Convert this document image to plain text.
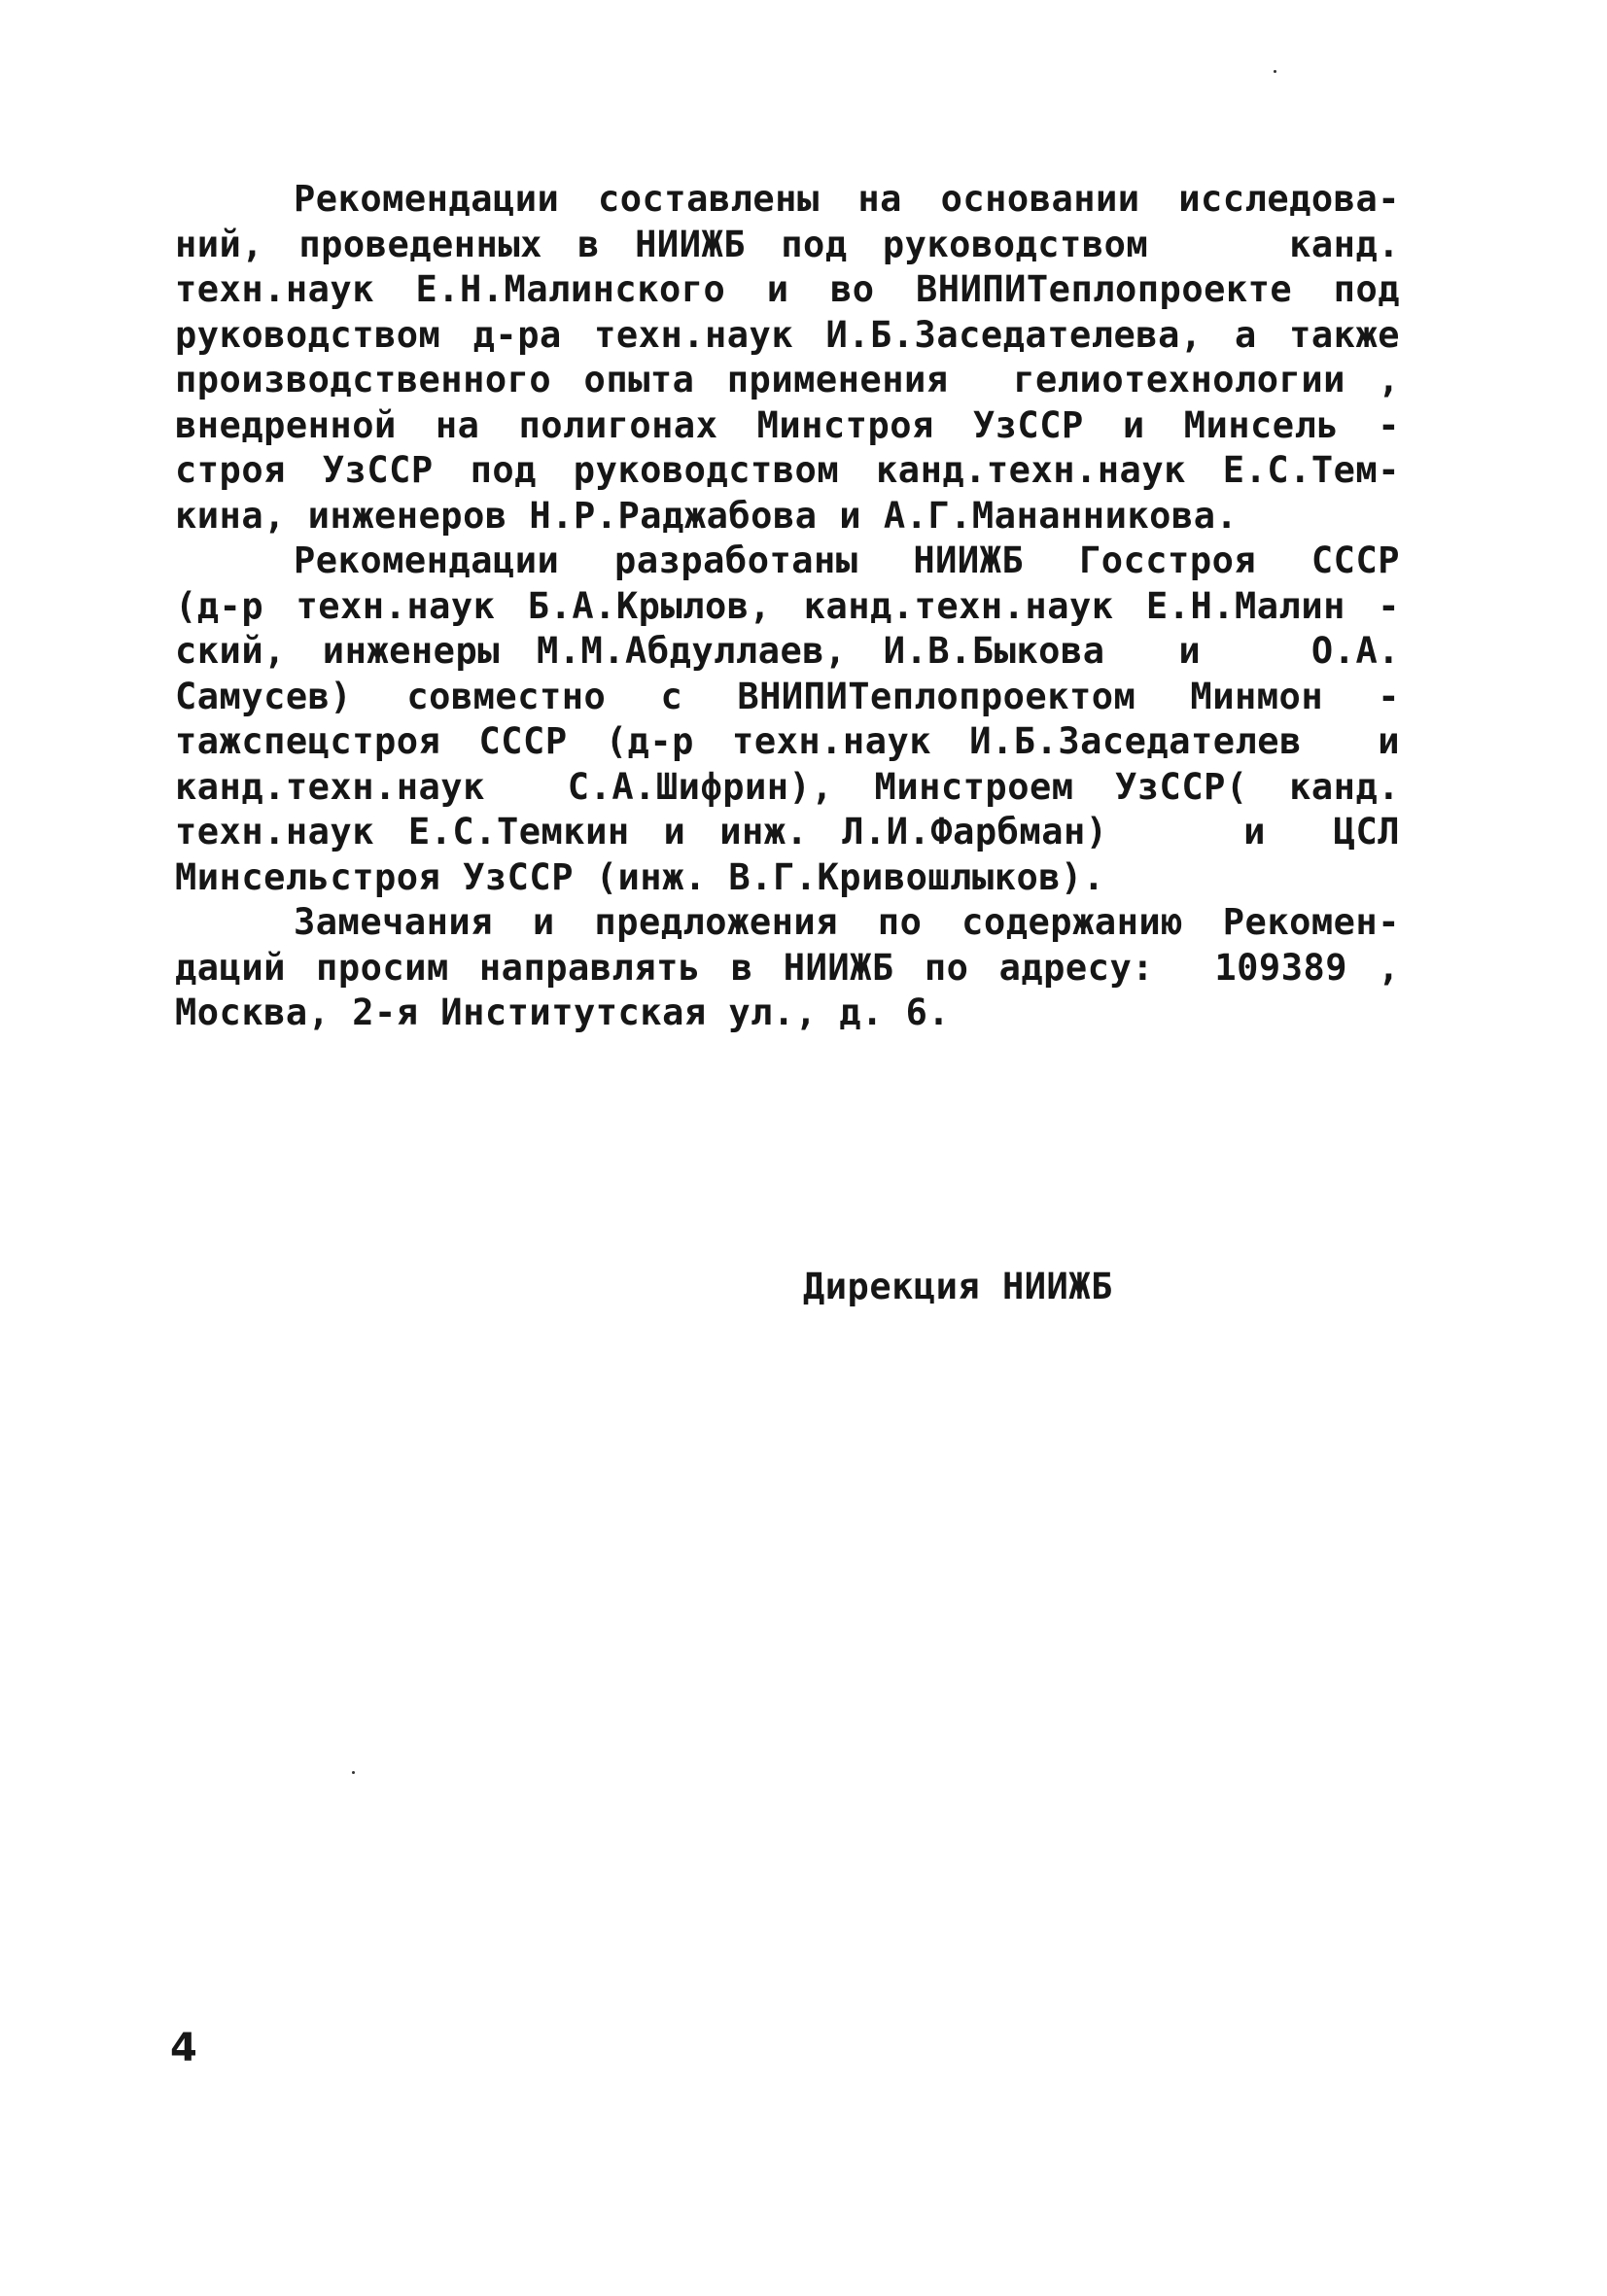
Рекомендации составлены на основании исследова-
ний, проведенных в НИИЖБ под руководством    канд.
техн.наук Е.Н.Малинского и во ВНИПИТеплопроекте под
руководством д-ра техн.наук И.Б.Заседателева, а также
производственного опыта применения  гелиотехнологии ,
внедренной на полигонах Минстроя УзССР и Минсель -
строя УзССР под руководством канд.техн.наук Е.С.Тем-
кина, инженеров Н.Р.Раджабова и А.Г.Мананникова.
Рекомендации разработаны НИИЖБ Госстроя СССР
(д-р техн.наук Б.А.Крылов, канд.техн.наук Е.Н.Малин -
ский, инженеры М.М.Абдуллаев, И.В.Быкова  и   О.А.
Самусев) совместно с ВНИПИТеплопроектом Минмон -
тажспецстроя СССР (д-р техн.наук И.Б.Заседателев  и
канд.техн.наук  С.А.Шифрин), Минстроем УзССР( канд.
техн.наук Е.С.Темкин и инж. Л.И.Фарбман)    и  ЦСЛ
Минсельстроя УзССР (инж. В.Г.Кривошлыков).
Замечания и предложения по содержанию Рекомен-
даций просим направлять в НИИЖБ по адресу:  109389 ,
Москва, 2-я Институтская ул., д. 6.
Дирекция НИИЖБ
4
